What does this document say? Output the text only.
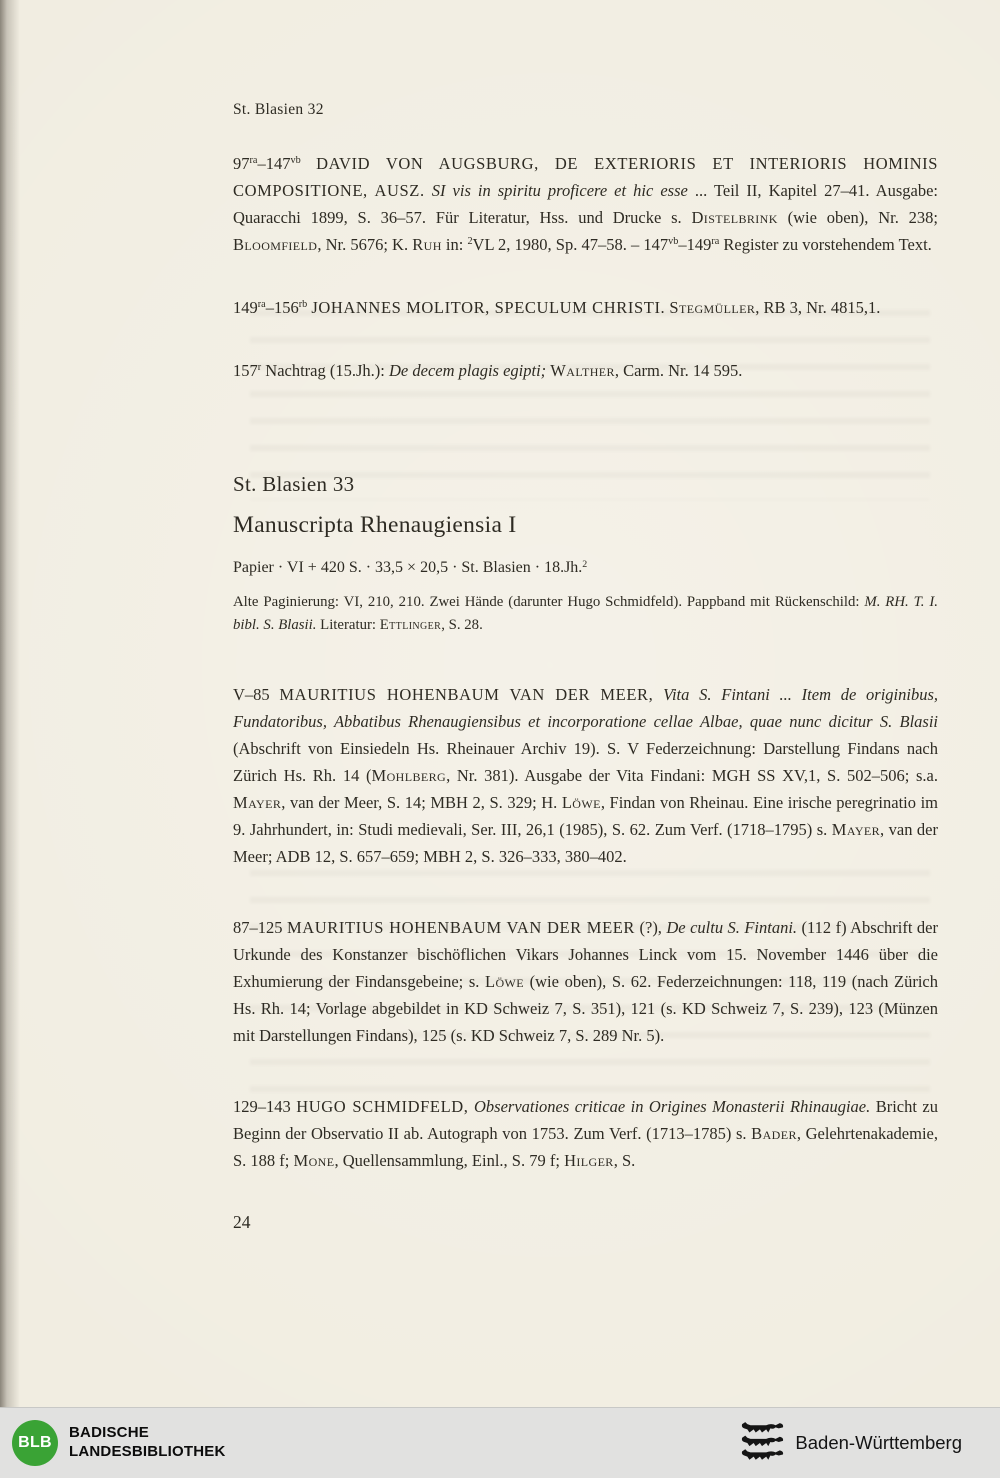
St. Blasien 32

$97^{ra}-147^{vb}$ DAVID VON AUGSBURG, DE EXTERIORIS ET INTERIORIS HOMINIS COMPOSITIONE, AUSZ. SI vis in spiritu proficere et hic esse ... Teil II, Kapitel 27–41. Ausgabe: Quaracchi 1899, S. 36–57. Für Literatur, Hss. und Drucke s. Distelbrink (wie oben), Nr. 238; Bloomfield, Nr. 5676; K. Ruh in: $^2$VL 2, 1980, Sp. 47–58. – $147^{vb}-149^{ra}$ Register zu vorstehendem Text.

$149^{ra}-156^{rb}$ JOHANNES MOLITOR, SPECULUM CHRISTI. Stegmüller, RB 3, Nr. 4815,1.

157$^r$ Nachtrag (15.Jh.): De decem plagis egipti; Walther, Carm. Nr. 14 595.

St. Blasien 33
Manuscripta Rhenaugiensia I

Papier · VI + 420 S. · 33,5 × 20,5 · St. Blasien · 18.Jh.$^2$

Alte Paginierung: VI, 210, 210. Zwei Hände (darunter Hugo Schmidfeld). Pappband mit Rückenschild: M. RH. T. I. bibl. S. Blasii. Literatur: Ettlinger, S. 28.

V–85 MAURITIUS HOHENBAUM VAN DER MEER, Vita S. Fintani ... Item de originibus, Fundatoribus, Abbatibus Rhenaugiensibus et incorporatione cellae Albae, quae nunc dicitur S. Blasii (Abschrift von Einsiedeln Hs. Rheinauer Archiv 19). S. V Federzeichnung: Darstellung Findans nach Zürich Hs. Rh. 14 (Mohlberg, Nr. 381). Ausgabe der Vita Findani: MGH SS XV,1, S. 502–506; s.a. Mayer, van der Meer, S. 14; MBH 2, S. 329; H. Löwe, Findan von Rheinau. Eine irische peregrinatio im 9. Jahrhundert, in: Studi medievali, Ser. III, 26,1 (1985), S. 62. Zum Verf. (1718–1795) s. Mayer, van der Meer; ADB 12, S. 657–659; MBH 2, S. 326–333, 380–402.

87–125 MAURITIUS HOHENBAUM VAN DER MEER (?), De cultu S. Fintani. (112 f) Abschrift der Urkunde des Konstanzer bischöflichen Vikars Johannes Linck vom 15. November 1446 über die Exhumierung der Findansgebeine; s. Löwe (wie oben), S. 62. Federzeichnungen: 118, 119 (nach Zürich Hs. Rh. 14; Vorlage abgebildet in KD Schweiz 7, S. 351), 121 (s. KD Schweiz 7, S. 239), 123 (Münzen mit Darstellungen Findans), 125 (s. KD Schweiz 7, S. 289 Nr. 5).

129–143 HUGO SCHMIDFELD, Observationes criticae in Origines Monasterii Rhinaugiae. Bricht zu Beginn der Observatio II ab. Autograph von 1753. Zum Verf. (1713–1785) s. Bader, Gelehrtenakademie, S. 188 f; Mone, Quellensammlung, Einl., S. 79 f; Hilger, S.

24
BLB
BADISCHE
LANDESBIBLIOTHEK	Baden-Württemberg
